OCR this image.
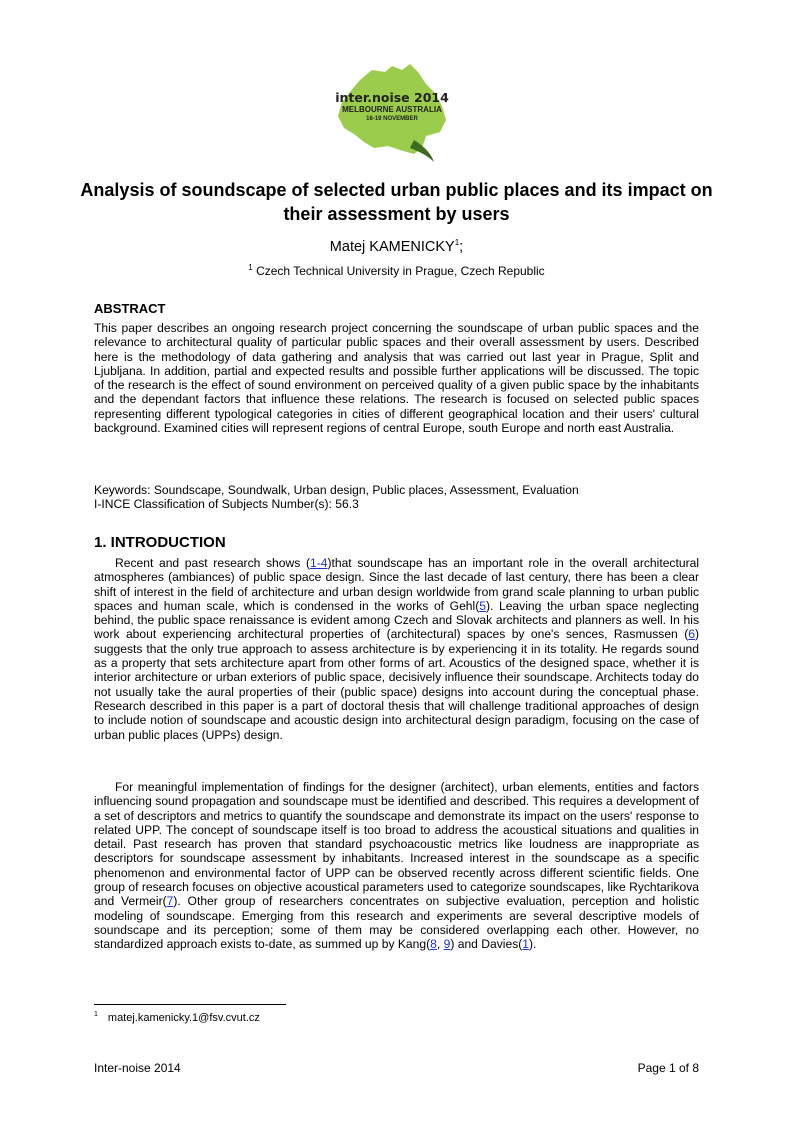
inter.noise 2014
MELBOURNE AUSTRALIA
16-19 NOVEMBER
Analysis of soundscape of selected urban public places and its impact on their assessment by users
Matej KAMENICKY$^1$;
$^1$ Czech Technical University in Prague, Czech Republic
ABSTRACT

This paper describes an ongoing research project concerning the soundscape of urban public spaces and the relevance to architectural quality of particular public spaces and their overall assessment by users. Described here is the methodology of data gathering and analysis that was carried out last year in Prague, Split and Ljubljana. In addition, partial and expected results and possible further applications will be discussed. The topic of the research is the effect of sound environment on perceived quality of a given public space by the inhabitants and the dependant factors that influence these relations. The research is focused on selected public spaces representing different typological categories in cities of different geographical location and their users' cultural background. Examined cities will represent regions of central Europe, south Europe and north east Australia.

Keywords: Soundscape, Soundwalk, Urban design, Public places, Assessment, Evaluation
I-INCE Classification of Subjects Number(s): 56.3
1. INTRODUCTION

Recent and past research shows (1-4)that soundscape has an important role in the overall architectural atmospheres (ambiances) of public space design. Since the last decade of last century, there has been a clear shift of interest in the field of architecture and urban design worldwide from grand scale planning to urban public spaces and human scale, which is condensed in the works of Gehl(5). Leaving the urban space neglecting behind, the public space renaissance is evident among Czech and Slovak architects and planners as well. In his work about experiencing architectural properties of (architectural) spaces by one's sences, Rasmussen (6) suggests that the only true approach to assess architecture is by experiencing it in its totality. He regards sound as a property that sets architecture apart from other forms of art. Acoustics of the designed space, whether it is interior architecture or urban exteriors of public space, decisively influence their soundscape. Architects today do not usually take the aural properties of their (public space) designs into account during the conceptual phase. Research described in this paper is a part of doctoral thesis that will challenge traditional approaches of design to include notion of soundscape and acoustic design into architectural design paradigm, focusing on the case of urban public places (UPPs) design.

For meaningful implementation of findings for the designer (architect), urban elements, entities and factors influencing sound propagation and soundscape must be identified and described. This requires a development of a set of descriptors and metrics to quantify the soundscape and demonstrate its impact on the users' response to related UPP. The concept of soundscape itself is too broad to address the acoustical situations and qualities in detail. Past research has proven that standard psychoacoustic metrics like loudness are inappropriate as descriptors for soundscape assessment by inhabitants. Increased interest in the soundscape as a specific phenomenon and environmental factor of UPP can be observed recently across different scientific fields. One group of research focuses on objective acoustical parameters used to categorize soundscapes, like Rychtarikova and Vermeir(7). Other group of researchers concentrates on subjective evaluation, perception and holistic modeling of soundscape. Emerging from this research and experiments are several descriptive models of soundscape and its perception; some of them may be considered overlapping each other. However, no standardized approach exists to-date, as summed up by Kang(8, 9) and Davies(1).

$^1$ matej.kamenicky.1@fsv.cvut.cz
Inter-noise 2014	Page 1 of 8
